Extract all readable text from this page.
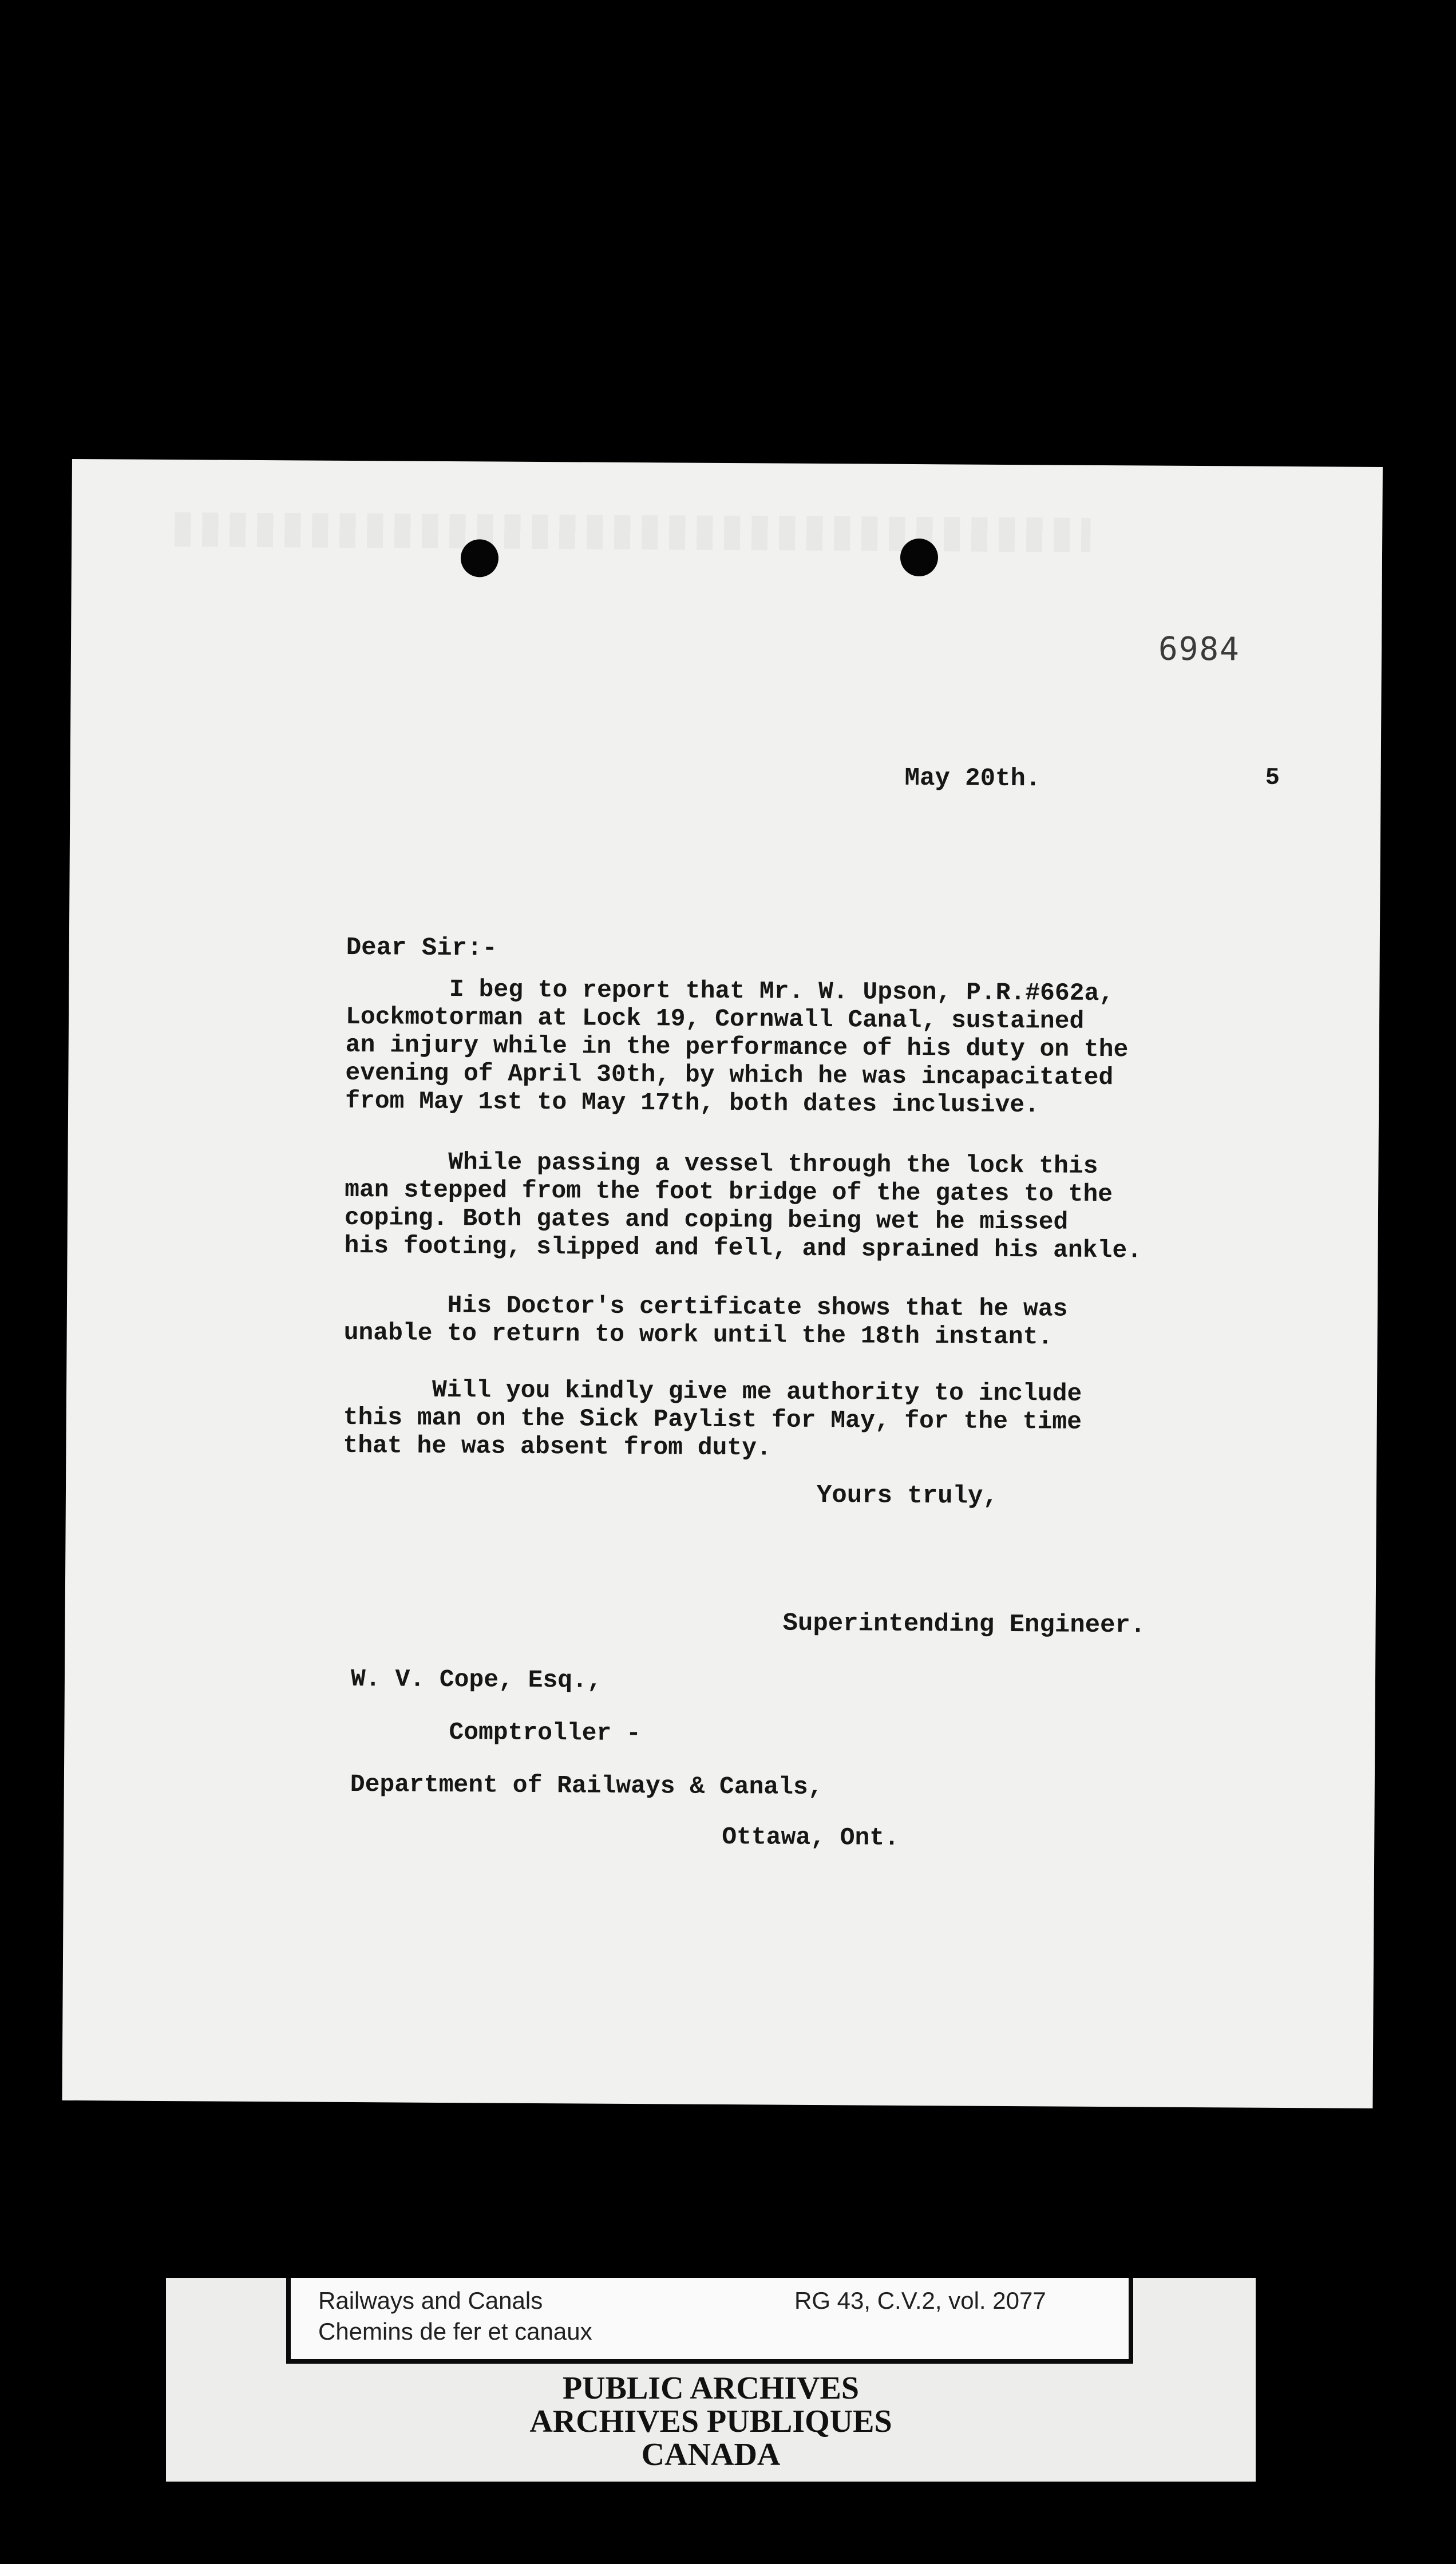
6984
May 20th.	5
Dear Sir:-
I beg to report that Mr. W. Upson, P.R.#662a,
Lockmotorman at Lock 19, Cornwall Canal, sustained
an injury while in the performance of his duty on the
evening of April 30th, by which he was incapacitated
from May 1st to May 17th, both dates inclusive.
While passing a vessel through the lock this
man stepped from the foot bridge of the gates to the
coping. Both gates and coping being wet he missed
his footing, slipped and fell, and sprained his ankle.
His Doctor's certificate shows that he was
unable to return to work until the 18th instant.
Will you kindly give me authority to include
this man on the Sick Paylist for May, for the time
that he was absent from duty.
Yours truly,
Superintending Engineer.
W. V. Cope, Esq.,
Comptroller -
Department of Railways & Canals,
Ottawa, Ont.
Railways and Canals
Chemins de fer et canaux
RG 43, C.V.2, vol. 2077
PUBLIC ARCHIVES
ARCHIVES PUBLIQUES
CANADA
